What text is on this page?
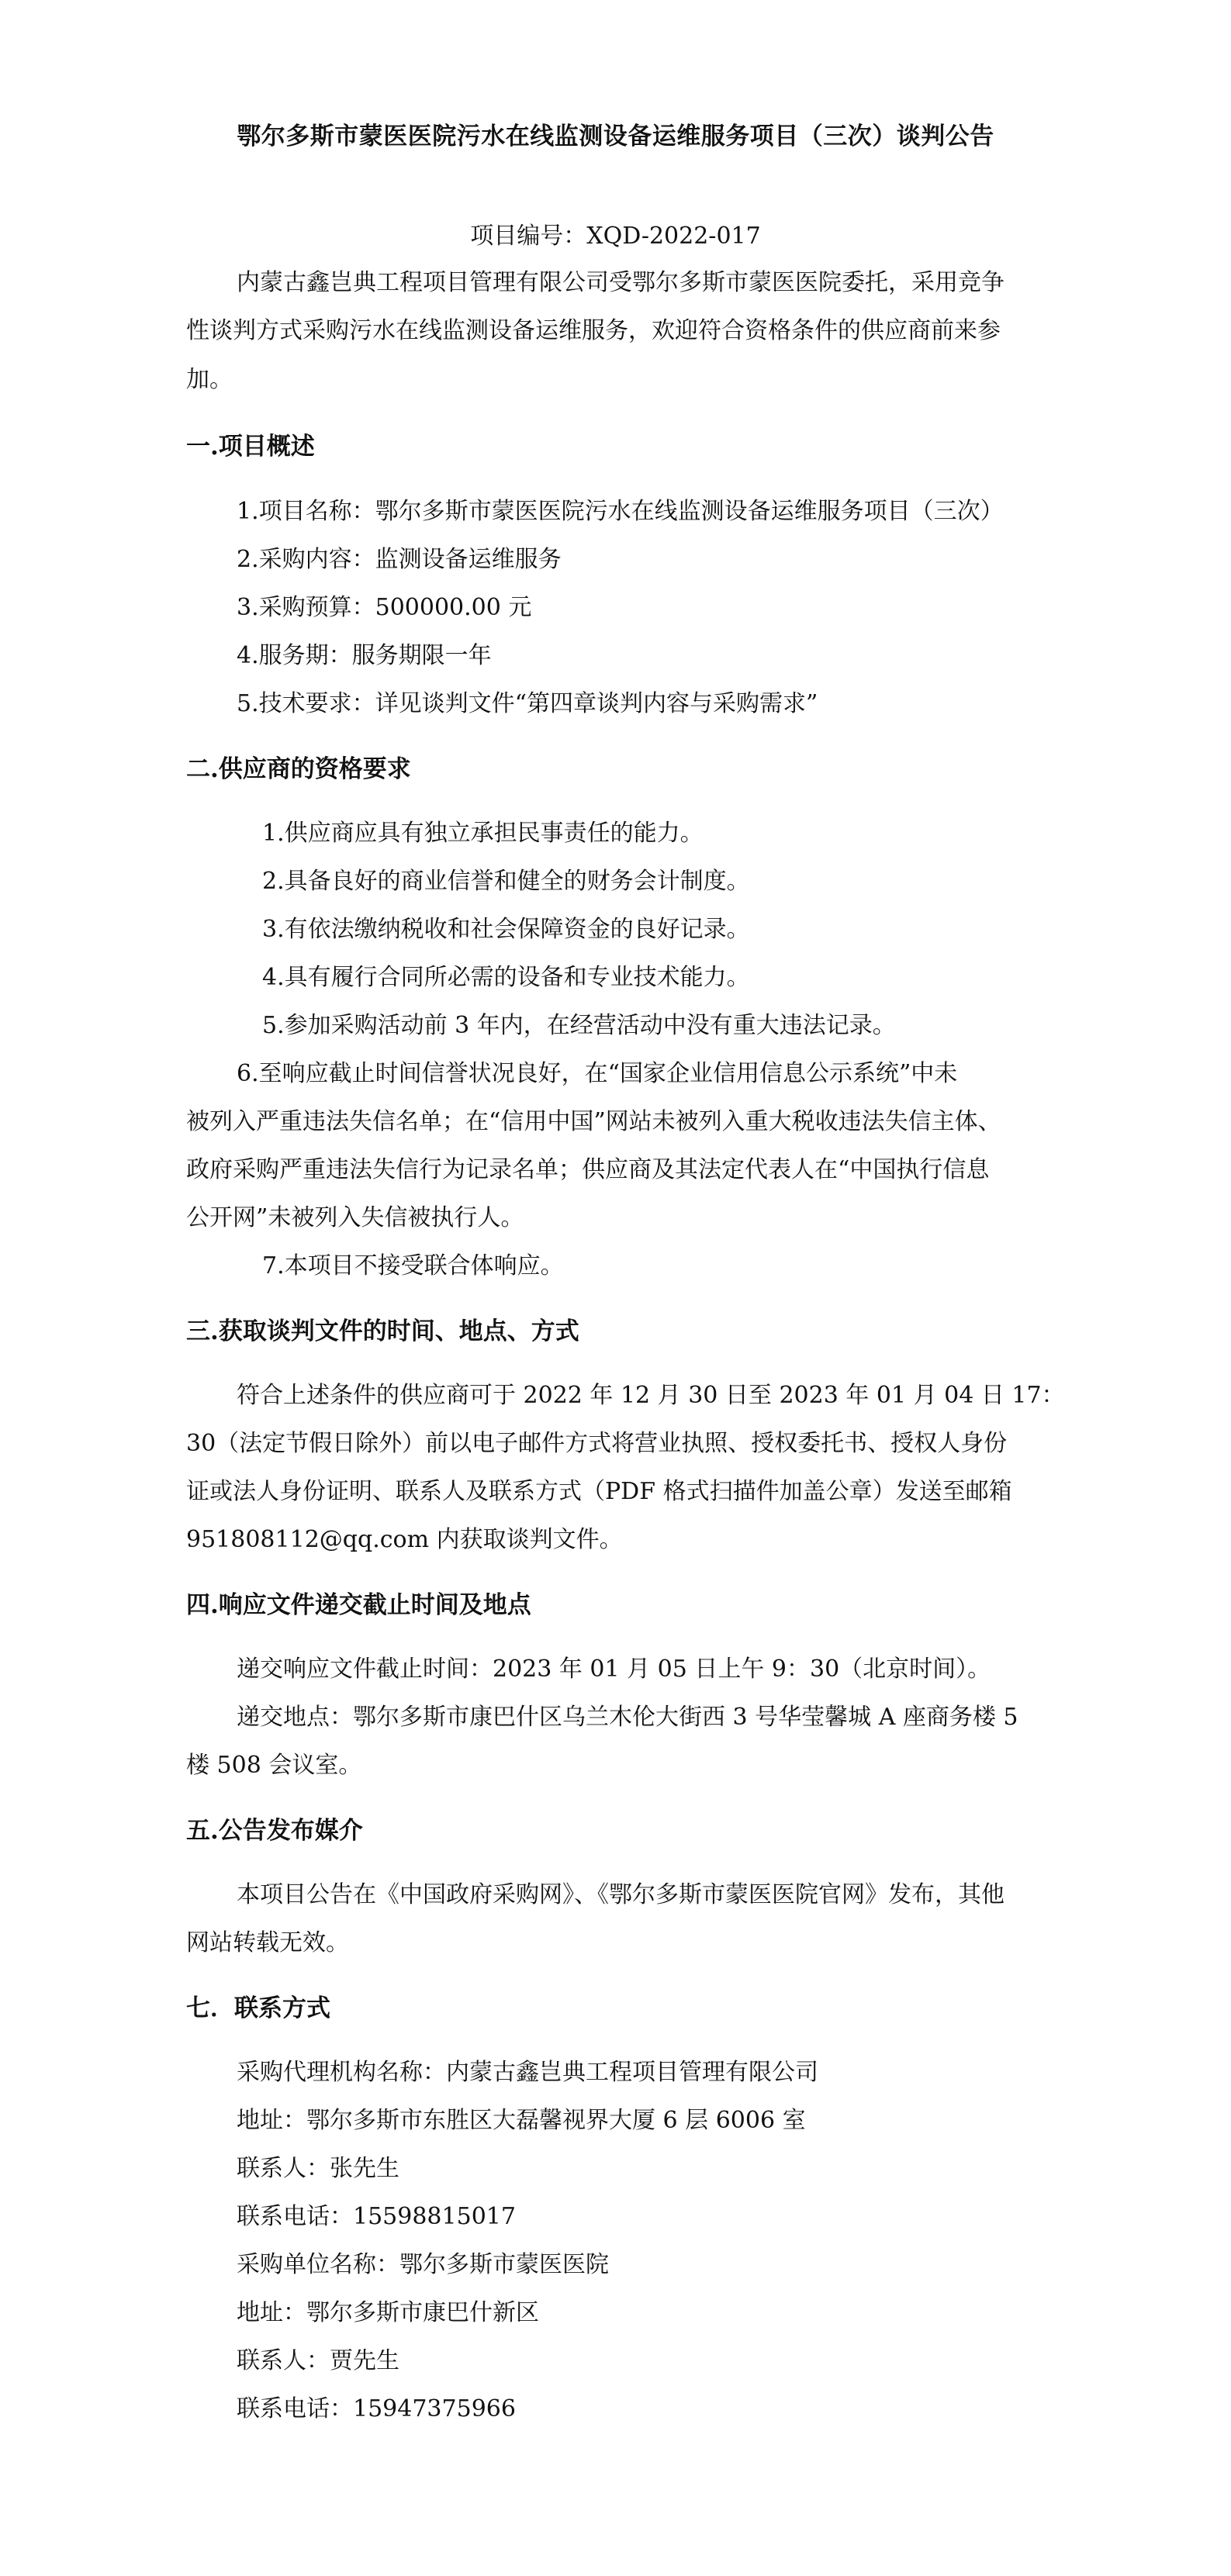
鄂尔多斯市蒙医医院污水在线监测设备运维服务项目（三次）谈判公告
项目编号：XQD-2022-017
内蒙古鑫岂典工程项目管理有限公司受鄂尔多斯市蒙医医院委托，采用竞争
性谈判方式采购污水在线监测设备运维服务，欢迎符合资格条件的供应商前来参
加。
一.项目概述
1.项目名称：鄂尔多斯市蒙医医院污水在线监测设备运维服务项目（三次）
2.采购内容：监测设备运维服务
3.采购预算：500000.00 元
4.服务期：服务期限一年
5.技术要求：详见谈判文件“第四章谈判内容与采购需求”
二.供应商的资格要求
1.供应商应具有独立承担民事责任的能力。
2.具备良好的商业信誉和健全的财务会计制度。
3.有依法缴纳税收和社会保障资金的良好记录。
4.具有履行合同所必需的设备和专业技术能力。
5.参加采购活动前 3 年内，在经营活动中没有重大违法记录。
6.至响应截止时间信誉状况良好，在“国家企业信用信息公示系统”中未
被列入严重违法失信名单；在“信用中国”网站未被列入重大税收违法失信主体、
政府采购严重违法失信行为记录名单；供应商及其法定代表人在“中国执行信息
公开网”未被列入失信被执行人。
7.本项目不接受联合体响应。
三.获取谈判文件的时间、地点、方式
符合上述条件的供应商可于 2022 年 12 月 30 日至 2023 年 01 月 04 日 17：
30（法定节假日除外）前以电子邮件方式将营业执照、授权委托书、授权人身份
证或法人身份证明、联系人及联系方式（PDF 格式扫描件加盖公章）发送至邮箱
951808112@qq.com 内获取谈判文件。
四.响应文件递交截止时间及地点
递交响应文件截止时间：2023 年 01 月 05 日上午 9：30（北京时间）。
递交地点：鄂尔多斯市康巴什区乌兰木伦大街西 3 号华莹馨城 A 座商务楼 5
楼 508 会议室。
五.公告发布媒介
本项目公告在《中国政府采购网》、《鄂尔多斯市蒙医医院官网》发布，其他
网站转载无效。
七．联系方式
采购代理机构名称：内蒙古鑫岂典工程项目管理有限公司
地址：鄂尔多斯市东胜区大磊馨视界大厦 6 层 6006 室
联系人：张先生
联系电话：15598815017
采购单位名称：鄂尔多斯市蒙医医院
地址：鄂尔多斯市康巴什新区
联系人：贾先生
联系电话：15947375966
